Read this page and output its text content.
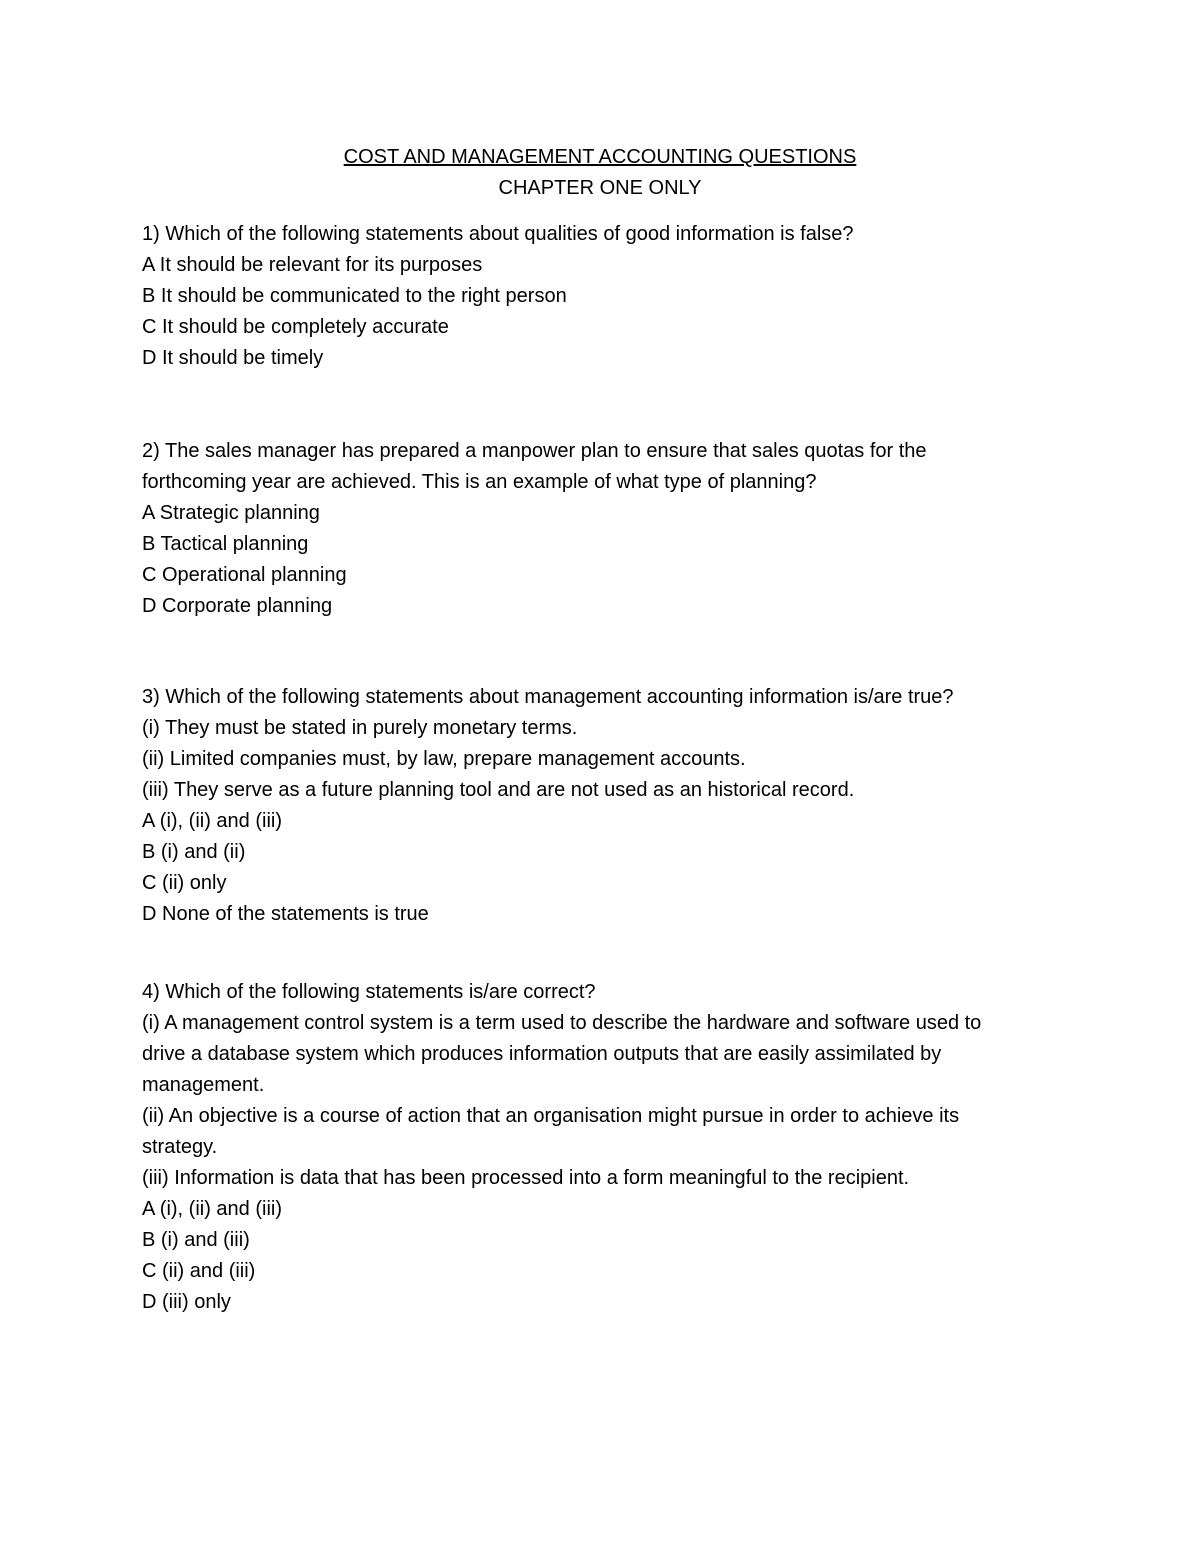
COST AND MANAGEMENT ACCOUNTING QUESTIONS
CHAPTER ONE ONLY
1) Which of the following statements about qualities of good information is false?
A It should be relevant for its purposes
B It should be communicated to the right person
C It should be completely accurate
D It should be timely
2) The sales manager has prepared a manpower plan to ensure that sales quotas for the
forthcoming year are achieved. This is an example of what type of planning?
A Strategic planning
B Tactical planning
C Operational planning
D Corporate planning
3) Which of the following statements about management accounting information is/are true?
(i) They must be stated in purely monetary terms.
(ii) Limited companies must, by law, prepare management accounts.
(iii) They serve as a future planning tool and are not used as an historical record.
A (i), (ii) and (iii)
B (i) and (ii)
C (ii) only
D None of the statements is true
4) Which of the following statements is/are correct?
(i) A management control system is a term used to describe the hardware and software used to
drive a database system which produces information outputs that are easily assimilated by
management.
(ii) An objective is a course of action that an organisation might pursue in order to achieve its
strategy.
(iii) Information is data that has been processed into a form meaningful to the recipient.
A (i), (ii) and (iii)
B (i) and (iii)
C (ii) and (iii)
D (iii) only
